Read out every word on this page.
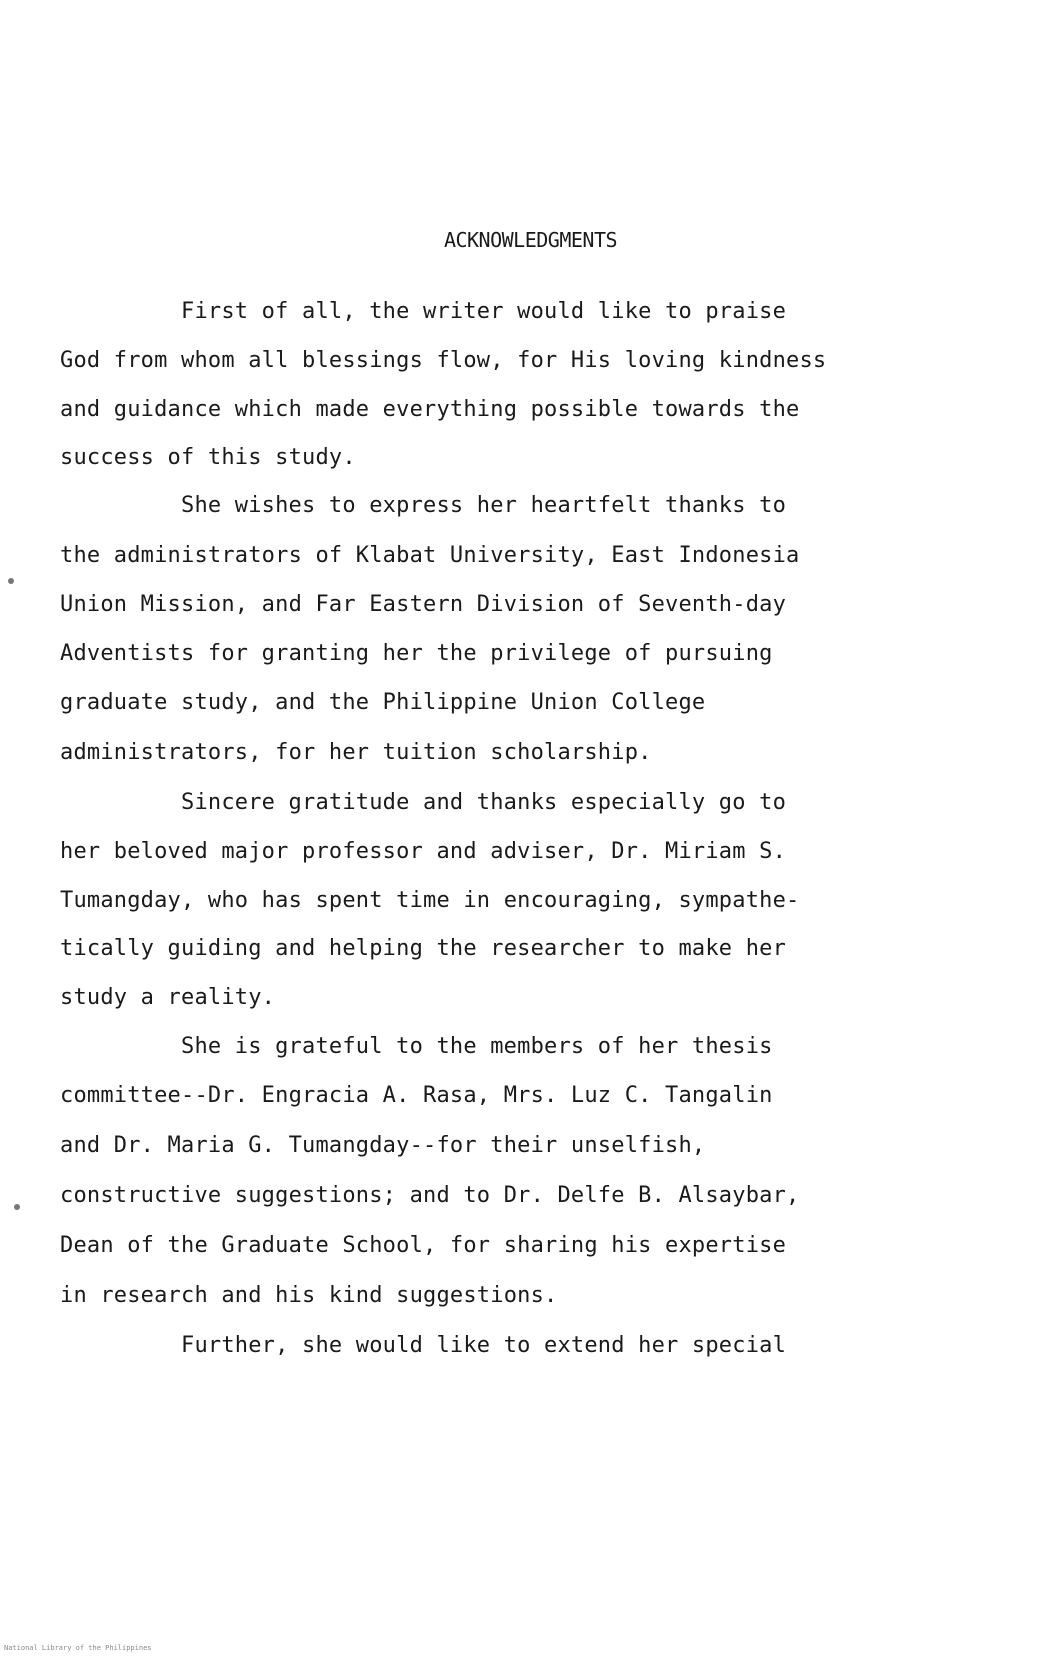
ACKNOWLEDGMENTS

First of all, the writer would like to praise

God from whom all blessings flow, for His loving kindness

and guidance which made everything possible towards the

success of this study.

She wishes to express her heartfelt thanks to

the administrators of Klabat University, East Indonesia

Union Mission, and Far Eastern Division of Seventh-day

Adventists for granting her the privilege of pursuing

graduate study, and the Philippine Union College

administrators, for her tuition scholarship.

Sincere gratitude and thanks especially go to

her beloved major professor and adviser, Dr. Miriam S.

Tumangday, who has spent time in encouraging, sympathe-

tically guiding and helping the researcher to make her

study a reality.

She is grateful to the members of her thesis

committee--Dr. Engracia A. Rasa, Mrs. Luz C. Tangalin

and Dr. Maria G. Tumangday--for their unselfish,

constructive suggestions; and to Dr. Delfe B. Alsaybar,

Dean of the Graduate School, for sharing his expertise

in research and his kind suggestions.

Further, she would like to extend her special

National Library of the Philippines
